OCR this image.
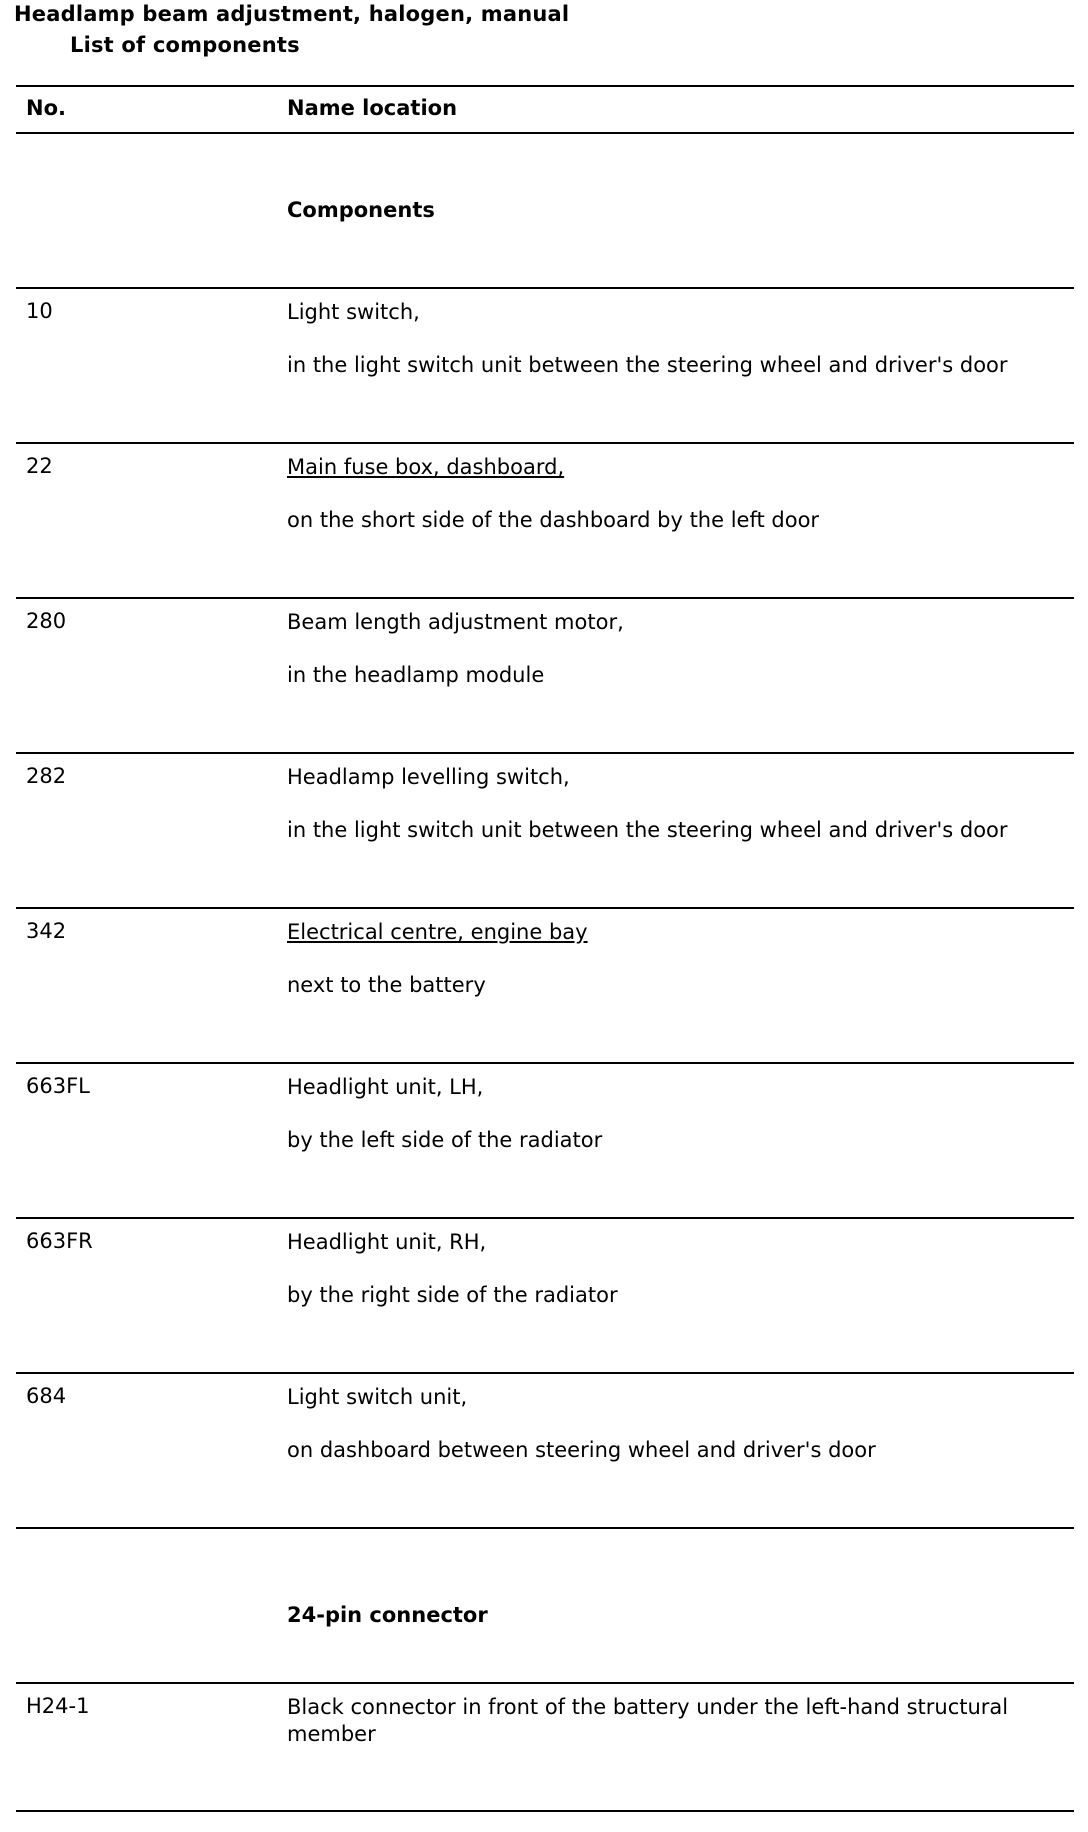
Headlamp beam adjustment, halogen, manual
List of components
No.	Name location
Components
10	Light switch,
in the light switch unit between the steering wheel and driver's door
22	Main fuse box, dashboard,
on the short side of the dashboard by the left door
280	Beam length adjustment motor,
in the headlamp module
282	Headlamp levelling switch,
in the light switch unit between the steering wheel and driver's door
342	Electrical centre, engine bay
next to the battery
663FL	Headlight unit, LH,
by the left side of the radiator
663FR	Headlight unit, RH,
by the right side of the radiator
684	Light switch unit,
on dashboard between steering wheel and driver's door
24-pin connector
H24-1	Black connector in front of the battery under the left-hand structural member
